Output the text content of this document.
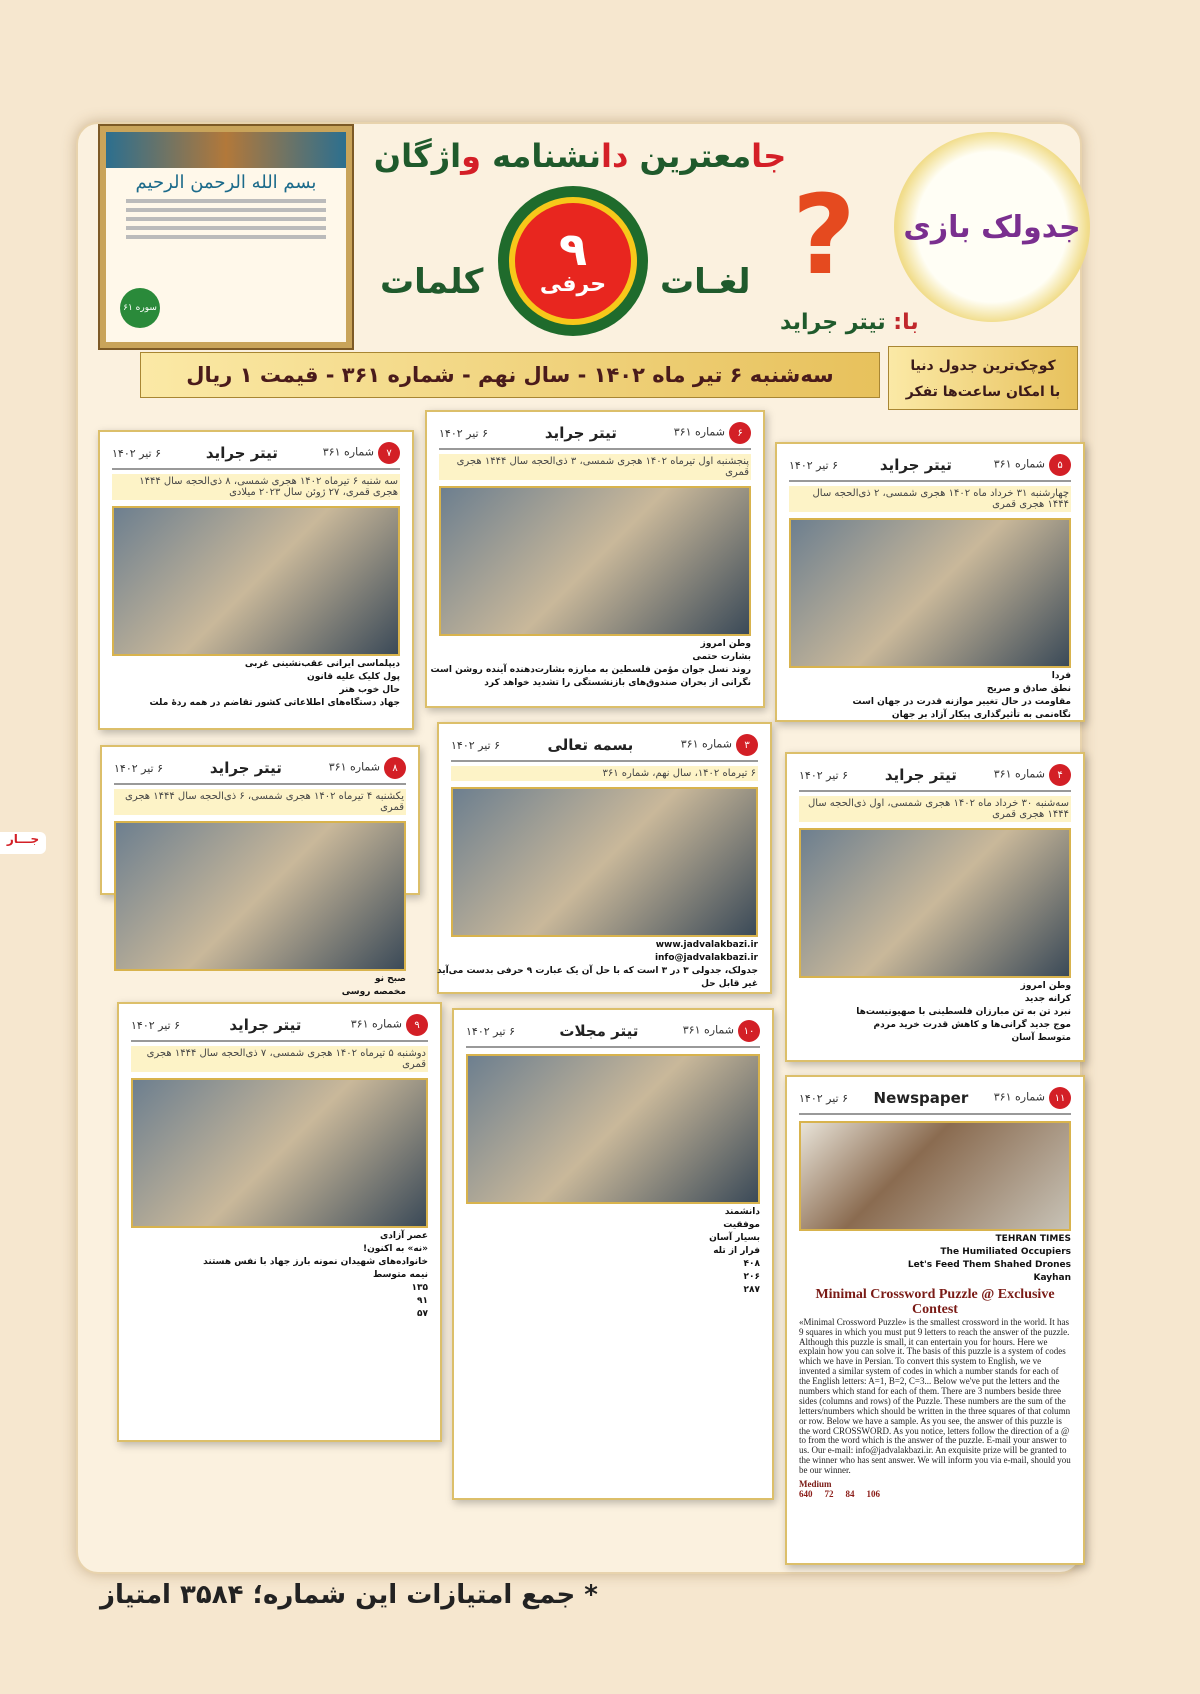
بسم الله الرحمن الرحیم
سوره ۶۱
۹
حرفی
جامعترین دانشنامه واژگان
کلمات	لغـات ?	جدولک بازی
با: تیتر جراید
سه‌شنبه ۶ تیر ماه ۱۴۰۲ - سال نهم - شماره ۳۶۱ - قیمت ۱ ریال	کوچک‌ترین جدول دنیا
با امکان ساعت‌ها تفکر
جـــار
۷شماره ۳۶۱
تیتر جراید
۶ تیر ۱۴۰۲
سه شنبه ۶ تیرماه ۱۴۰۲ هجری شمسی، ۸ ذی‌الحجه سال ۱۴۴۴ هجری قمری، ۲۷ ژوئن سال ۲۰۲۳ میلادی
دیپلماسی ایرانی عقب‌نشینی غربی
پول کلیک علیه قانون
حال خوب هنر
جهاد دستگاه‌های اطلاعاتی کشور تقاضم در همه ردهٔ ملت
۶شماره ۳۶۱
تیتر جراید
۶ تیر ۱۴۰۲
پنجشنبه اول تیرماه ۱۴۰۲ هجری شمسی، ۳ ذی‌الحجه سال ۱۴۴۴ هجری قمری
وطن امروز
بشارت حتمی
روند نسل جوان مؤمن فلسطین به مبارزه بشارت‌دهنده آینده روشن است
نگرانی از بحران صندوق‌های بازنشستگی را تشدید خواهد کرد
۵شماره ۳۶۱
تیتر جراید
۶ تیر ۱۴۰۲
چهارشنبه ۳۱ خرداد ماه ۱۴۰۲ هجری شمسی، ۲ ذی‌الحجه سال ۱۴۴۴ هجری قمری
فردا
نطق صادق و صریح
مقاومت در حال تغییر موازنه قدرت در جهان است
نگاه‌نمی به تأثیرگذاری پیکار آزاد بر جهان
۸شماره ۳۶۱
تیتر جراید
۶ تیر ۱۴۰۲
یکشنبه ۴ تیرماه ۱۴۰۲ هجری شمسی، ۶ ذی‌الحجه سال ۱۴۴۴ هجری قمری
صبح نو
مخمصه روسی
۳شماره ۳۶۱
بسمه تعالی
۶ تیر ۱۴۰۲
۶ تیرماه ۱۴۰۲، سال نهم، شماره ۳۶۱
www.jadvalakbazi.ir
info@jadvalakbazi.ir
جدولک، جدولی ۳ در ۳ است که با حل آن یک عبارت ۹ حرفی بدست می‌آید
غیر قابل حل
۴شماره ۳۶۱
تیتر جراید
۶ تیر ۱۴۰۲
سه‌شنبه ۳۰ خرداد ماه ۱۴۰۲ هجری شمسی، اول ذی‌الحجه سال ۱۴۴۴ هجری قمری
وطن امروز
کرانه جدید
نبرد تن به تن مبارزان فلسطینی با صهیونیست‌ها
موج جدید گرانی‌ها و کاهش قدرت خرید مردم
متوسط آسان
۹شماره ۳۶۱
تیتر جراید
۶ تیر ۱۴۰۲
دوشنبه ۵ تیرماه ۱۴۰۲ هجری شمسی، ۷ ذی‌الحجه سال ۱۴۴۴ هجری قمری
عصر آزادی
«نه» به اکنون!
خانواده‌های شهیدان نمونه بارز جهاد با نفس هستند
نیمه متوسط
۱۳۵
۹۱
۵۷
۱۰شماره ۳۶۱
تیتر مجلات
۶ تیر ۱۴۰۲
دانشمند
موفقیت
بسیار آسان
فرار از تله
۴۰۸
۲۰۶
۲۸۷
۱۱شماره ۳۶۱
Newspaper
۶ تیر ۱۴۰۲
TEHRAN TIMES
The Humiliated Occupiers
Let's Feed Them Shahed Drones
Kayhan
Minimal Crossword Puzzle @ Exclusive Contest
«Minimal Crossword Puzzle» is the smallest crossword in the world. It has 9 squares in which you must put 9 letters to reach the answer of the puzzle. Although this puzzle is small, it can entertain you for hours. Here we explain how you can solve it. The basis of this puzzle is a system of codes which we have in Persian. To convert this system to English, we ve invented a similar system of codes in which a number stands for each of the English letters: A=1, B=2, C=3... Below we've put the letters and the numbers which stand for each of them. There are 3 numbers beside three sides (columns and rows) of the Puzzle. These numbers are the sum of the letters/numbers which should be written in the three squares of that column or row. Below we have a sample. As you see, the answer of this puzzle is the word CROSSWORD. As you notice, letters follow the direction of a @ to from the word which is the answer of the puzzle. E-mail your answer to us. Our e-mail: info@jadvalakbazi.ir. An exquisite prize will be granted to the winner who has sent answer. We will inform you via e-mail, should you be our winner.
Medium
640 72 84 106
* جمع امتیازات این شماره؛ ۳۵۸۴ امتیاز
